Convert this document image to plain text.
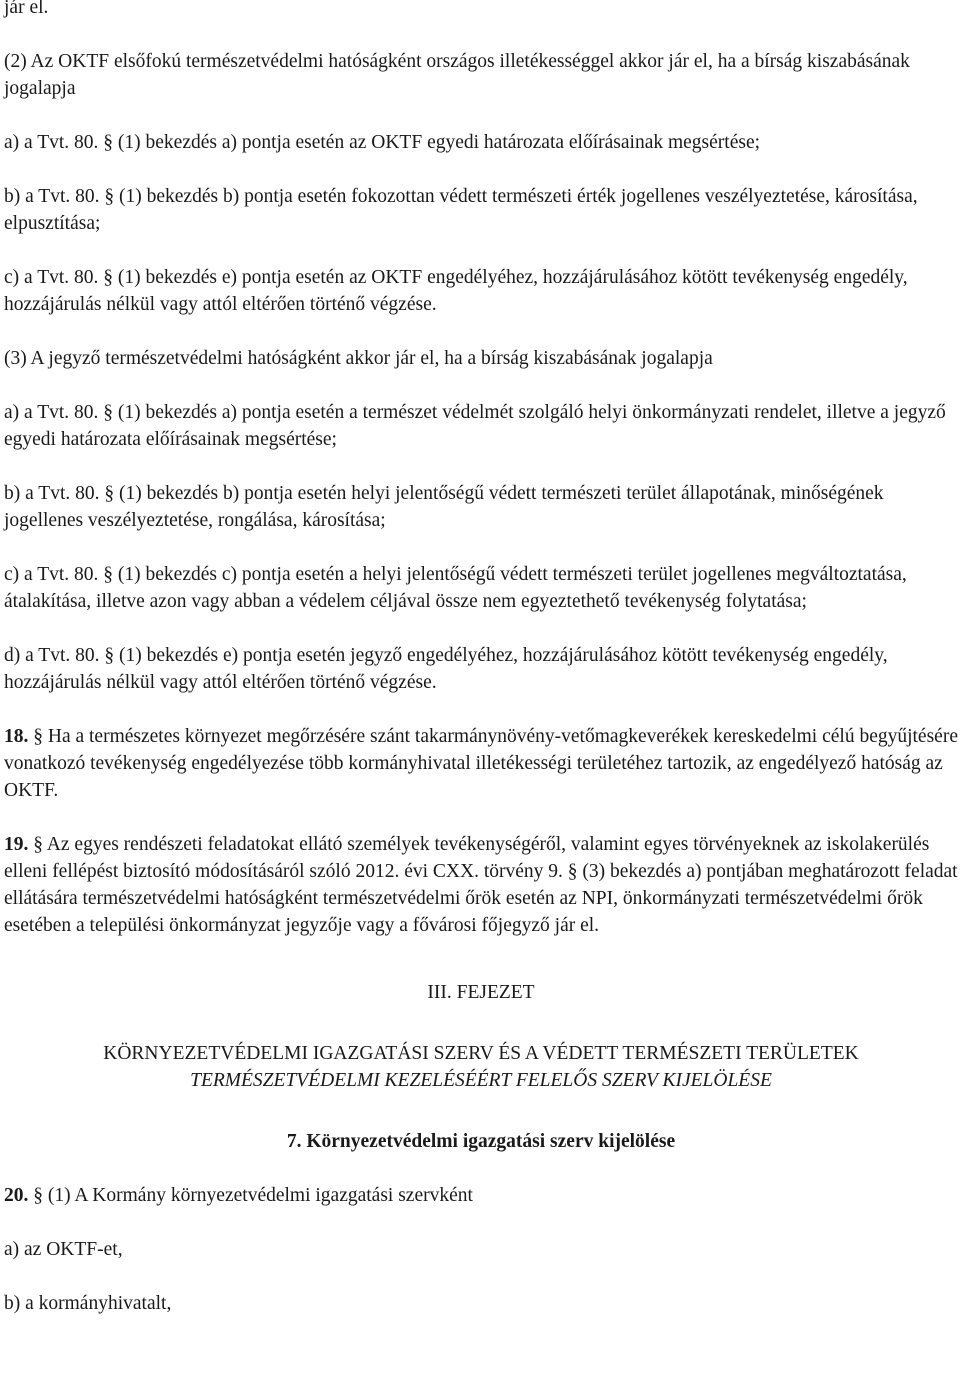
jár el.

(2) Az OKTF elsőfokú természetvédelmi hatóságként országos illetékességgel akkor jár el, ha a bírság kiszabásának jogalapja

a) a Tvt. 80. § (1) bekezdés a) pontja esetén az OKTF egyedi határozata előírásainak megsértése;

b) a Tvt. 80. § (1) bekezdés b) pontja esetén fokozottan védett természeti érték jogellenes veszélyeztetése, károsítása, elpusztítása;

c) a Tvt. 80. § (1) bekezdés e) pontja esetén az OKTF engedélyéhez, hozzájárulásához kötött tevékenység engedély, hozzájárulás nélkül vagy attól eltérően történő végzése.

(3) A jegyző természetvédelmi hatóságként akkor jár el, ha a bírság kiszabásának jogalapja

a) a Tvt. 80. § (1) bekezdés a) pontja esetén a természet védelmét szolgáló helyi önkormányzati rendelet, illetve a jegyző egyedi határozata előírásainak megsértése;

b) a Tvt. 80. § (1) bekezdés b) pontja esetén helyi jelentőségű védett természeti terület állapotának, minőségének jogellenes veszélyeztetése, rongálása, károsítása;

c) a Tvt. 80. § (1) bekezdés c) pontja esetén a helyi jelentőségű védett természeti terület jogellenes megváltoztatása, átalakítása, illetve azon vagy abban a védelem céljával össze nem egyeztethető tevékenység folytatása;

d) a Tvt. 80. § (1) bekezdés e) pontja esetén jegyző engedélyéhez, hozzájárulásához kötött tevékenység engedély, hozzájárulás nélkül vagy attól eltérően történő végzése.

18. § Ha a természetes környezet megőrzésére szánt takarmánynövény-vetőmagkeverékek kereskedelmi célú begyűjtésére vonatkozó tevékenység engedélyezése több kormányhivatal illetékességi területéhez tartozik, az engedélyező hatóság az OKTF.

19. § Az egyes rendészeti feladatokat ellátó személyek tevékenységéről, valamint egyes törvényeknek az iskolakerülés elleni fellépést biztosító módosításáról szóló 2012. évi CXX. törvény 9. § (3) bekezdés a) pontjában meghatározott feladat ellátására természetvédelmi hatóságként természetvédelmi őrök esetén az NPI, önkormányzati természetvédelmi őrök esetében a települési önkormányzat jegyzője vagy a fővárosi főjegyző jár el.

III. FEJEZET

KÖRNYEZETVÉDELMI IGAZGATÁSI SZERV ÉS A VÉDETT TERMÉSZETI TERÜLETEK

TERMÉSZETVÉDELMI KEZELÉSÉÉRT FELELŐS SZERV KIJELÖLÉSE

7. Környezetvédelmi igazgatási szerv kijelölése

20. § (1) A Kormány környezetvédelmi igazgatási szervként

a) az OKTF-et,

b) a kormányhivatalt,
